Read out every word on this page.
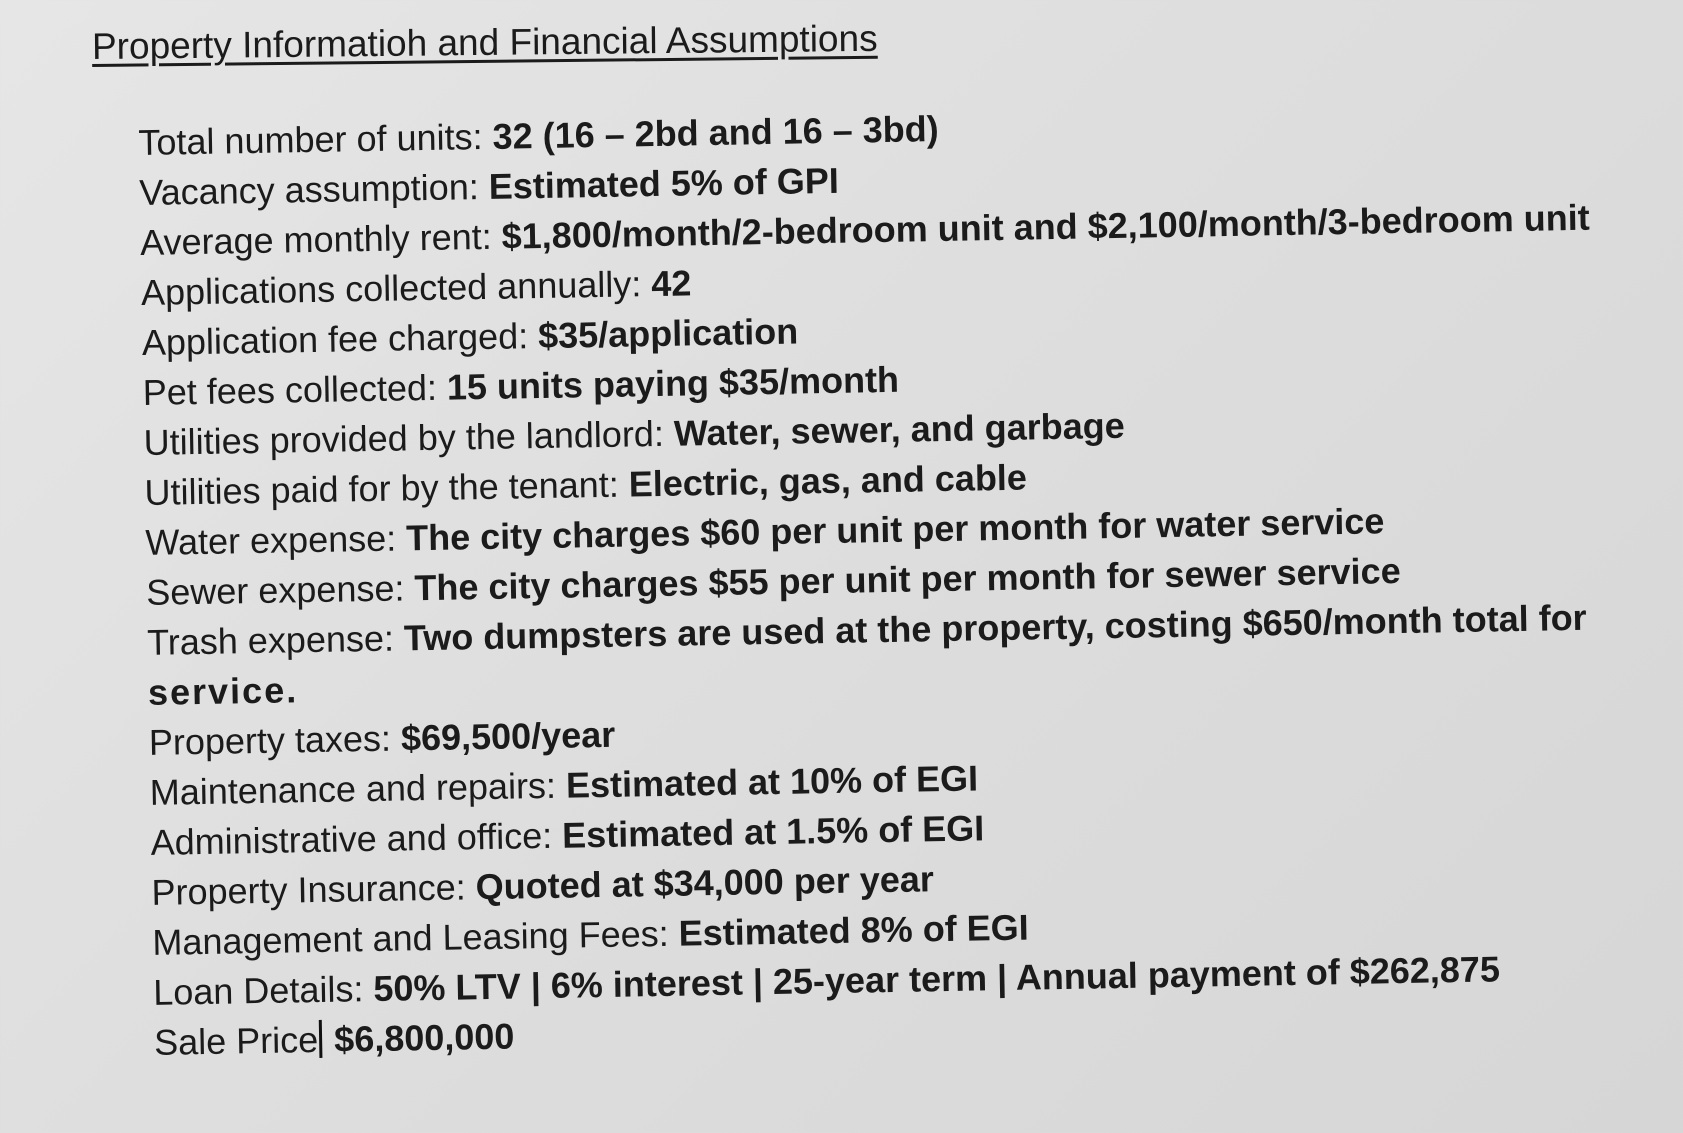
Property Informatioh and Financial Assumptions
Total number of units: 32 (16 – 2bd and 16 – 3bd)
Vacancy assumption: Estimated 5% of GPI
Average monthly rent: $1,800/month/2-bedroom unit and $2,100/month/3-bedroom unit
Applications collected annually: 42
Application fee charged: $35/application
Pet fees collected: 15 units paying $35/month
Utilities provided by the landlord: Water, sewer, and garbage
Utilities paid for by the tenant: Electric, gas, and cable
Water expense: The city charges $60 per unit per month for water service
Sewer expense: The city charges $55 per unit per month for sewer service
Trash expense: Two dumpsters are used at the property, costing $650/month total for
service.
Property taxes: $69,500/year
Maintenance and repairs: Estimated at 10% of EGI
Administrative and office: Estimated at 1.5% of EGI
Property Insurance: Quoted at $34,000 per year
Management and Leasing Fees: Estimated 8% of EGI
Loan Details: 50% LTV | 6% interest | 25-year term | Annual payment of $262,875
Sale Price $6,800,000
